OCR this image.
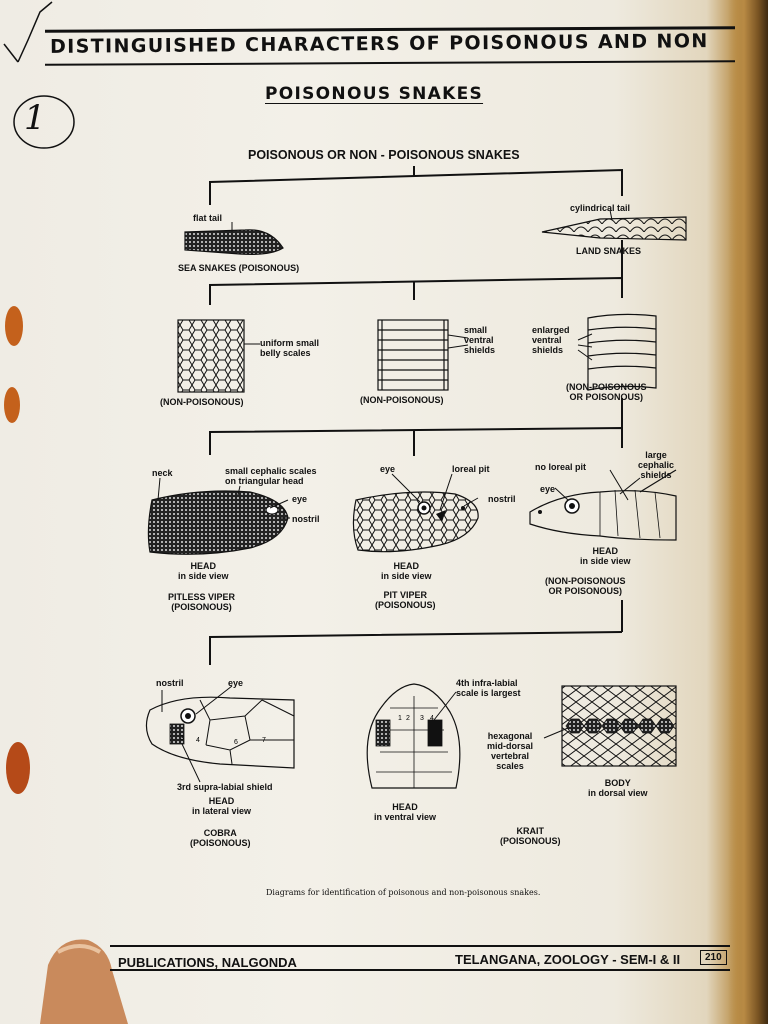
DISTINGUISHED CHARACTERS OF POISONOUS AND NON
POISONOUS SNAKES
1
3 4	6	7
1 2 3 4
POISONOUS OR NON - POISONOUS SNAKES
flat tail
SEA SNAKES (POISONOUS)
cylindrical tail
LAND SNAKES
uniform small
belly scales
(NON-POISONOUS)
small
ventral
shields
(NON-POISONOUS)
enlarged
ventral
shields
(NON-POISONOUS
OR POISONOUS)
neck	small cephalic scales
on triangular head
eye
nostril
HEAD
in side view
PITLESS VIPER
(POISONOUS)
eye	loreal pit
nostril
HEAD
in side view
PIT VIPER
(POISONOUS)
no loreal pit
large
cephalic
shields
eye
HEAD
in side view
(NON-POISONOUS
OR POISONOUS)
nostril	eye
3rd supra-labial shield
HEAD
in lateral view
COBRA
(POISONOUS)
4th infra-labial
scale is largest
HEAD
in ventral view
hexagonal
mid-dorsal
vertebral
scales
BODY
in dorsal view
KRAIT
(POISONOUS)
Diagrams for identification of poisonous and non-poisonous snakes.
PUBLICATIONS, NALGONDA	TELANGANA, ZOOLOGY - SEM-I & II	210
